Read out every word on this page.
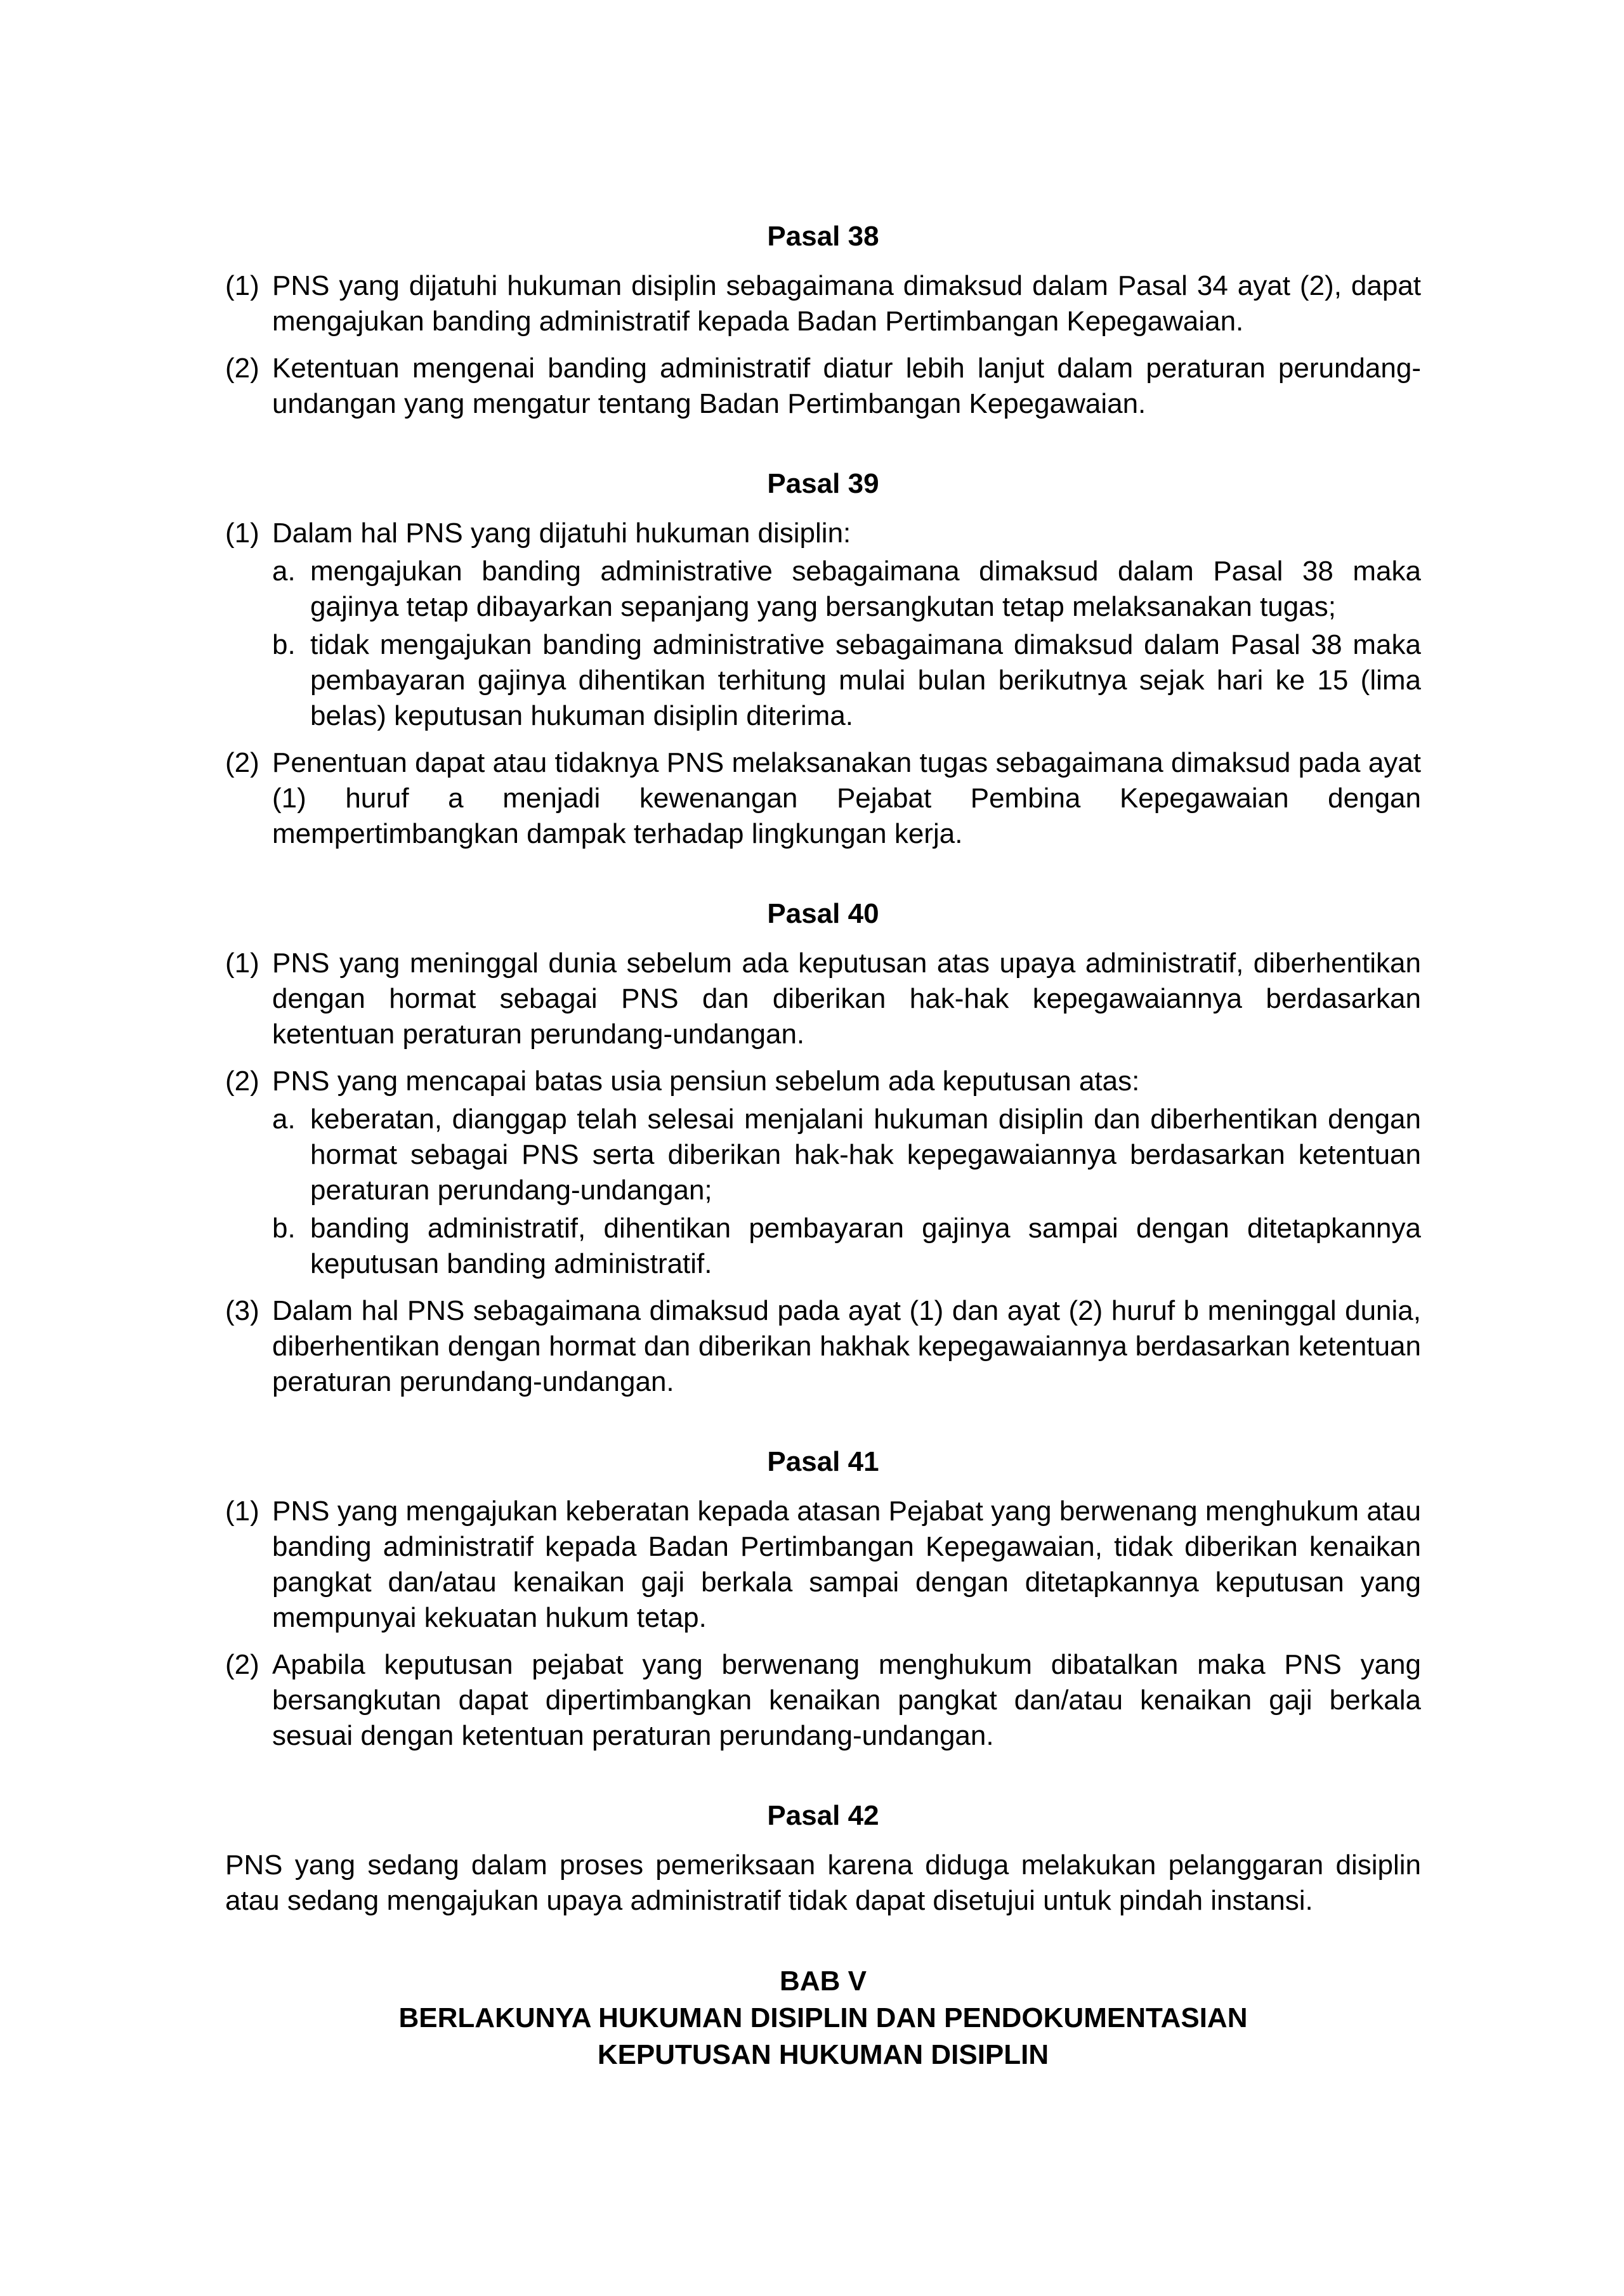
Pasal 38

(1) PNS yang dijatuhi hukuman disiplin sebagaimana dimaksud dalam Pasal 34 ayat (2), dapat mengajukan banding administratif kepada Badan Pertimbangan Kepegawaian.
(2) Ketentuan mengenai banding administratif diatur lebih lanjut dalam peraturan perundang-undangan yang mengatur tentang Badan Pertimbangan Kepegawaian.

Pasal 39

(1) Dalam hal PNS yang dijatuhi hukuman disiplin:
a. mengajukan banding administrative sebagaimana dimaksud dalam Pasal 38 maka gajinya tetap dibayarkan sepanjang yang bersangkutan tetap melaksanakan tugas;
b. tidak mengajukan banding administrative sebagaimana dimaksud dalam Pasal 38 maka pembayaran gajinya dihentikan terhitung mulai bulan berikutnya sejak hari ke 15 (lima belas) keputusan hukuman disiplin diterima.
(2) Penentuan dapat atau tidaknya PNS melaksanakan tugas sebagaimana dimaksud pada ayat (1) huruf a menjadi kewenangan Pejabat Pembina Kepegawaian dengan mempertimbangkan dampak terhadap lingkungan kerja.

Pasal 40

(1) PNS yang meninggal dunia sebelum ada keputusan atas upaya administratif, diberhentikan dengan hormat sebagai PNS dan diberikan hak-hak kepegawaiannya berdasarkan ketentuan peraturan perundang-undangan.
(2) PNS yang mencapai batas usia pensiun sebelum ada keputusan atas:
a. keberatan, dianggap telah selesai menjalani hukuman disiplin dan diberhentikan dengan hormat sebagai PNS serta diberikan hak-hak kepegawaiannya berdasarkan ketentuan peraturan perundang-undangan;
b. banding administratif, dihentikan pembayaran gajinya sampai dengan ditetapkannya keputusan banding administratif.
(3) Dalam hal PNS sebagaimana dimaksud pada ayat (1) dan ayat (2) huruf b meninggal dunia, diberhentikan dengan hormat dan diberikan hakhak kepegawaiannya berdasarkan ketentuan peraturan perundang-undangan.

Pasal 41

(1) PNS yang mengajukan keberatan kepada atasan Pejabat yang berwenang menghukum atau banding administratif kepada Badan Pertimbangan Kepegawaian, tidak diberikan kenaikan pangkat dan/atau kenaikan gaji berkala sampai dengan ditetapkannya keputusan yang mempunyai kekuatan hukum tetap.
(2) Apabila keputusan pejabat yang berwenang menghukum dibatalkan maka PNS yang bersangkutan dapat dipertimbangkan kenaikan pangkat dan/atau kenaikan gaji berkala sesuai dengan ketentuan peraturan perundang-undangan.

Pasal 42

PNS yang sedang dalam proses pemeriksaan karena diduga melakukan pelanggaran disiplin atau sedang mengajukan upaya administratif tidak dapat disetujui untuk pindah instansi.

BAB V

BERLAKUNYA HUKUMAN DISIPLIN DAN PENDOKUMENTASIAN

KEPUTUSAN HUKUMAN DISIPLIN
